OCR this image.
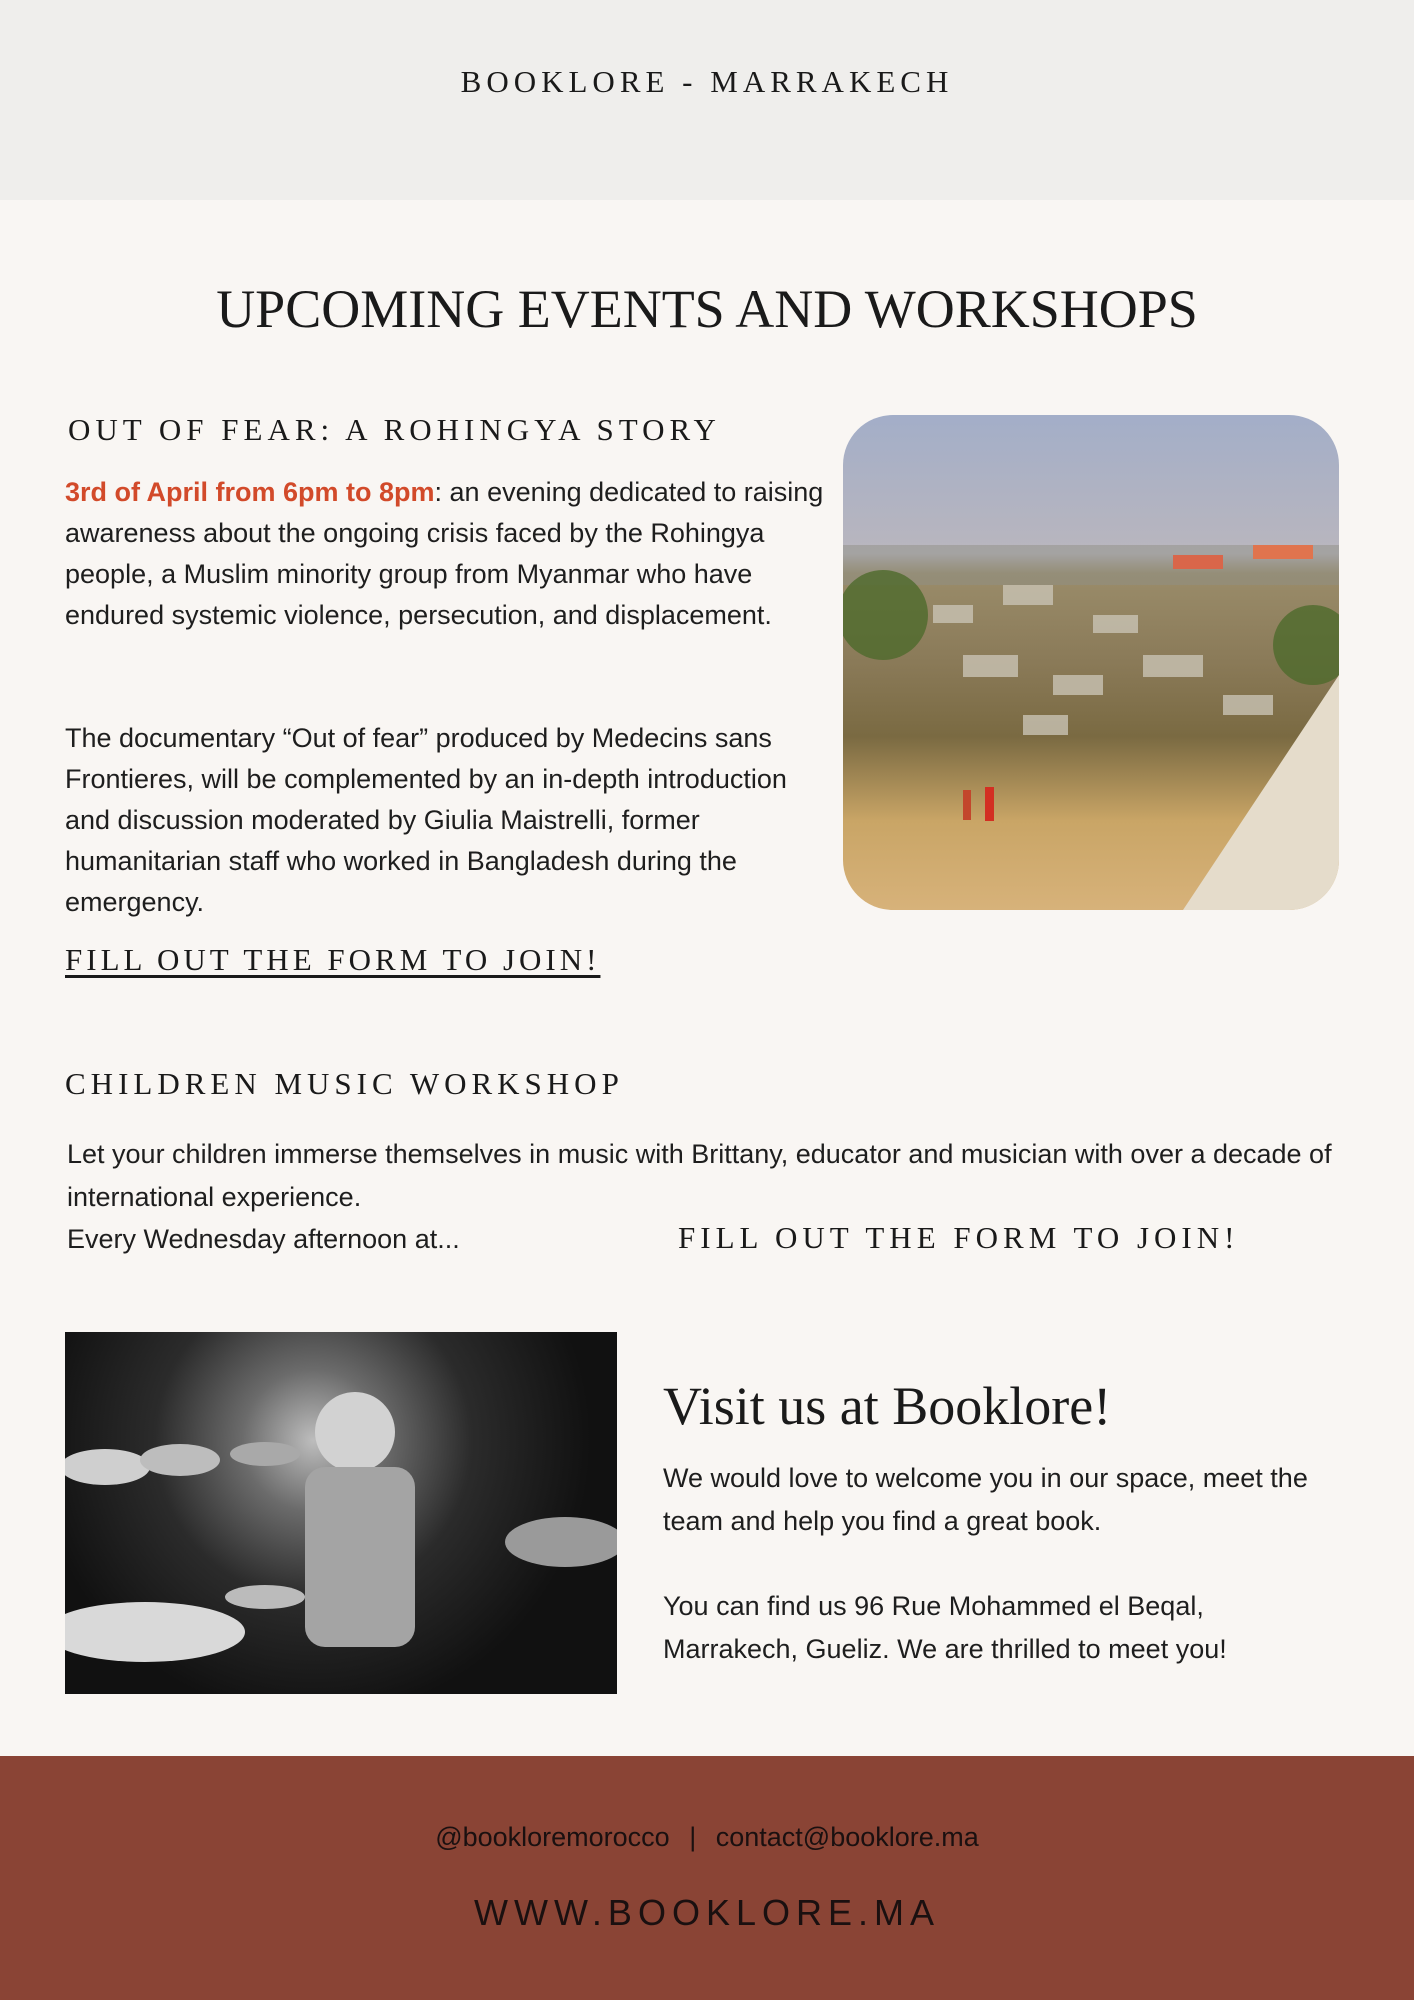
BOOKLORE - MARRAKECH
UPCOMING EVENTS AND WORKSHOPS
OUT OF FEAR: A ROHINGYA STORY
3rd of April from 6pm to 8pm: an evening dedicated to raising awareness about the ongoing crisis faced by the Rohingya people, a Muslim minority group from Myanmar who have endured systemic violence, persecution, and displacement.
The documentary “Out of fear” produced by Medecins sans Frontieres, will be complemented by an in-depth introduction and discussion moderated by Giulia Maistrelli, former humanitarian staff who worked in Bangladesh during the emergency.
FILL OUT THE FORM TO JOIN!
CHILDREN MUSIC WORKSHOP
Let your children immerse themselves in music with Brittany, educator and musician with over a decade of international experience.
Every Wednesday afternoon at...	FILL OUT THE FORM TO JOIN!
Visit us at Booklore!
We would love to welcome you in our space, meet the team and help you find a great book.
You can find us 96 Rue Mohammed el Beqal, Marrakech, Gueliz. We are thrilled to meet you!
@bookloremorocco | contact@booklore.ma
WWW.BOOKLORE.MA
